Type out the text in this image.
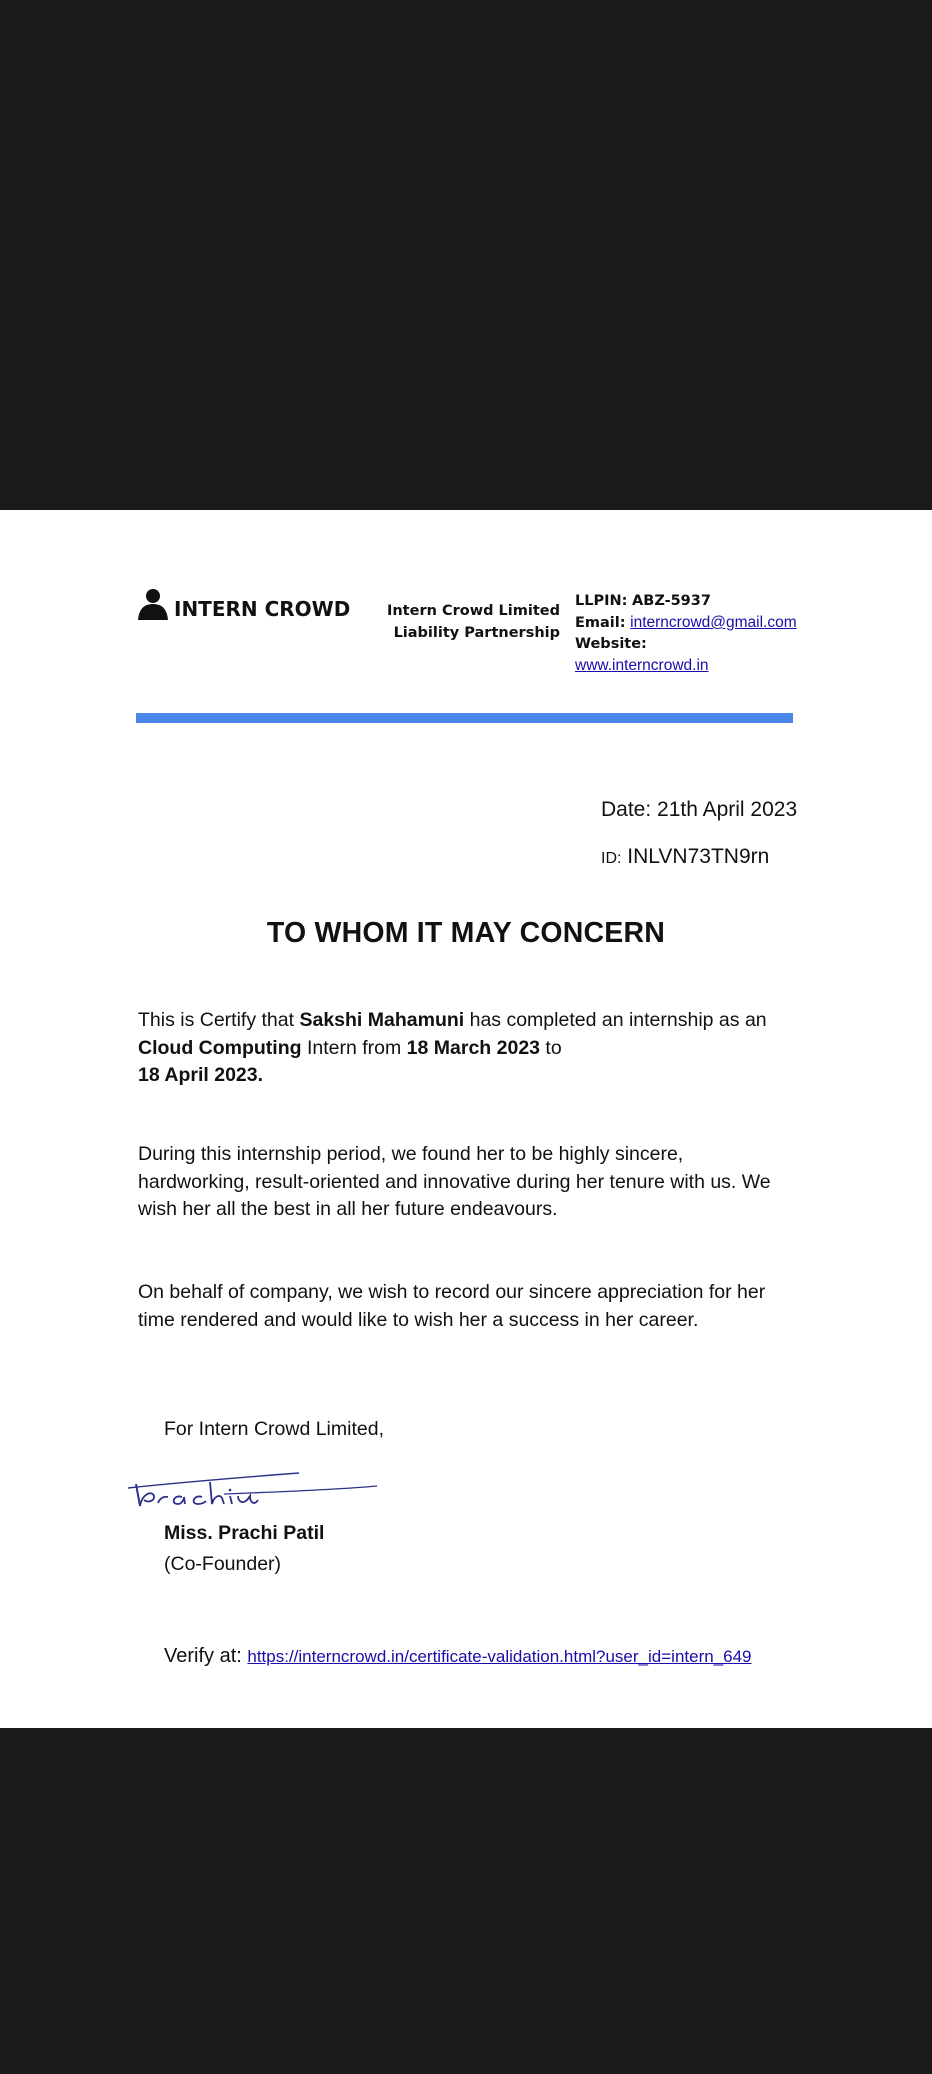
INTERN CROWD	Intern Crowd Limited
Liability Partnership
LLPIN: ABZ-5937
Email: interncrowd@gmail.com
Website:
www.interncrowd.in
Date: 21th April 2023
ID: INLVN73TN9rn
TO WHOM IT MAY CONCERN
This is Certify that Sakshi Mahamuni has completed an internship as an Cloud Computing Intern from 18 March 2023 to
18 April 2023.
During this internship period, we found her to be highly sincere, hardworking, result-oriented and innovative during her tenure with us. We wish her all the best in all her future endeavours.
On behalf of company, we wish to record our sincere appreciation for her time rendered and would like to wish her a success in her career.
For Intern Crowd Limited,
Miss. Prachi Patil
(Co-Founder)
Verify at: https://interncrowd.in/certificate-validation.html?user_id=intern_649
